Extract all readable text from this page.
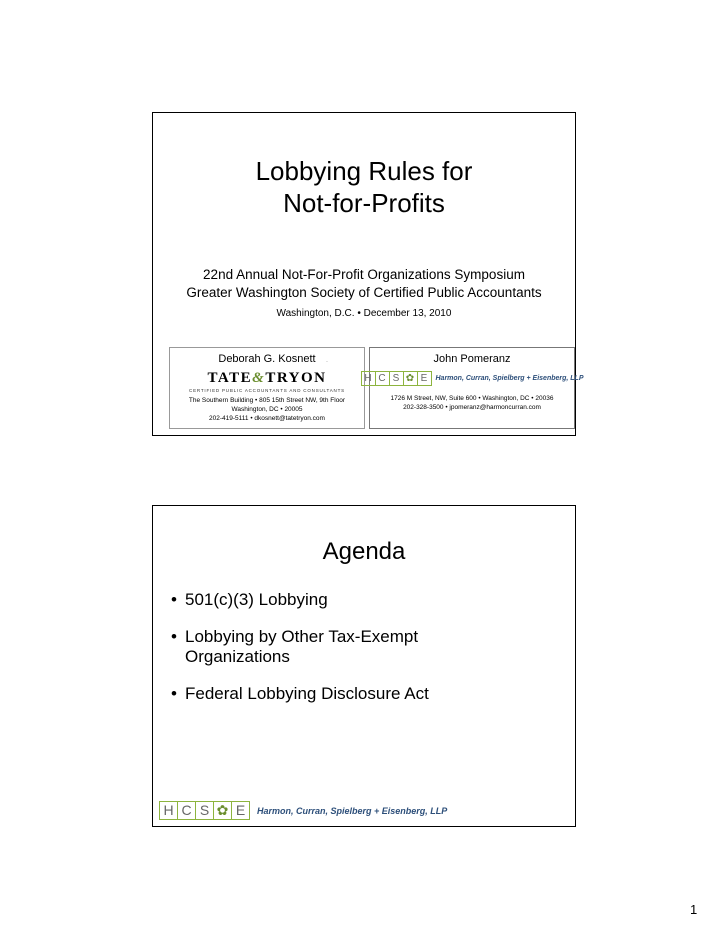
Lobbying Rules for
Not-for-Profits
22nd Annual Not-For-Profit Organizations Symposium
Greater Washington Society of Certified Public Accountants
Washington, D.C. • December 13, 2010
Deborah G. Kosnett	·
TATE&TRYON
CERTIFIED PUBLIC ACCOUNTANTS AND CONSULTANTS
The Southern Building • 805 15th Street NW, 9th Floor
Washington, DC • 20005
202-419-5111 • dkosnett@tatetryon.com
John Pomeranz
H C S ✿ E	Harmon, Curran, Spielberg + Eisenberg, LLP
1726 M Street, NW, Suite 600 • Washington, DC • 20036
202-328-3500 • jpomeranz@harmoncurran.com
Agenda
• 501(c)(3) Lobbying
• Lobbying by Other Tax-Exempt
Organizations
• Federal Lobbying Disclosure Act
H C S ✿ E	Harmon, Curran, Spielberg + Eisenberg, LLP
1
